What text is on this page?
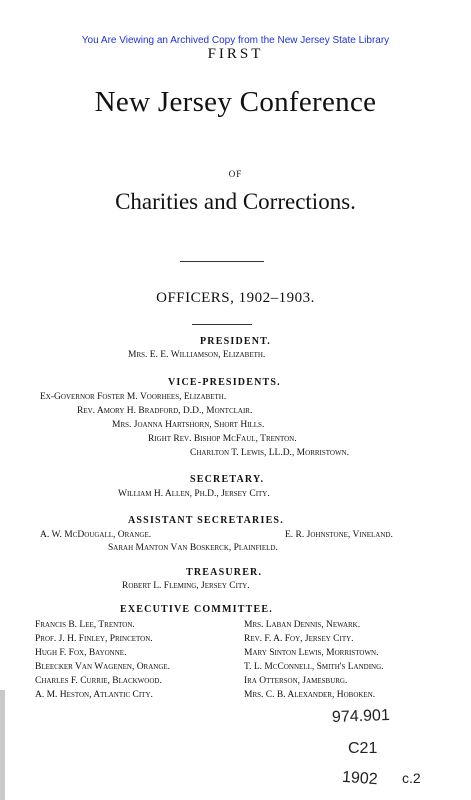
You Are Viewing an Archived Copy from the New Jersey State Library
FIRST
New Jersey Conference
OF
Charities and Corrections.
OFFICERS, 1902–1903.
PRESIDENT.
Mrs. E. E. Williamson, Elizabeth.
VICE-PRESIDENTS.
Ex-Governor Foster M. Voorhees, Elizabeth.
Rev. Amory H. Bradford, D.D., Montclair.
Mrs. Joanna Hartshorn, Short Hills.
Right Rev. Bishop McFaul, Trenton.
Charlton T. Lewis, LL.D., Morristown.
SECRETARY.
William H. Allen, Ph.D., Jersey City.
ASSISTANT SECRETARIES.
A. W. McDougall, Orange.	E. R. Johnstone, Vineland.
Sarah Manton Van Boskerck, Plainfield.
TREASURER.
Robert L. Fleming, Jersey City.
EXECUTIVE COMMITTEE.
Francis B. Lee, Trenton.
Prof. J. H. Finley, Princeton.
Hugh F. Fox, Bayonne.
Bleecker Van Wagenen, Orange.
Charles F. Currie, Blackwood.
A. M. Heston, Atlantic City.
Mrs. Laban Dennis, Newark.
Rev. F. A. Foy, Jersey City.
Mary Sinton Lewis, Morristown.
T. L. McConnell, Smith's Landing.
Ira Otterson, Jamesburg.
Mrs. C. B. Alexander, Hoboken.
974.901
C21
1902 c.2
